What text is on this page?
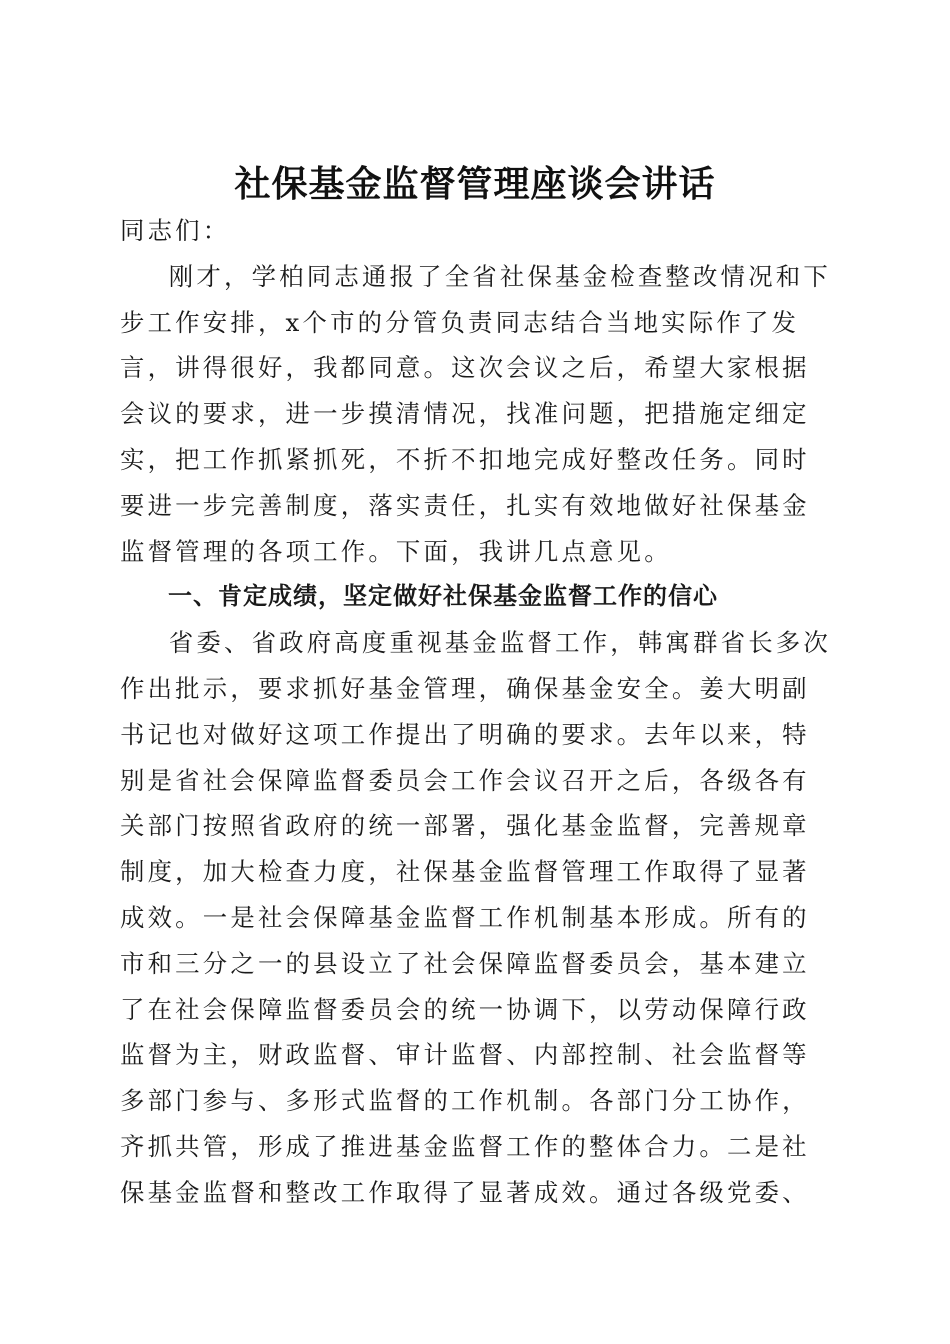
社保基金监督管理座谈会讲话

同志们：

刚才，学柏同志通报了全省社保基金检查整改情况和下步工作安排，x个市的分管负责同志结合当地实际作了发言，讲得很好，我都同意。这次会议之后，希望大家根据会议的要求，进一步摸清情况，找准问题，把措施定细定实，把工作抓紧抓死，不折不扣地完成好整改任务。同时要进一步完善制度，落实责任，扎实有效地做好社保基金监督管理的各项工作。下面，我讲几点意见。

一、肯定成绩，坚定做好社保基金监督工作的信心

省委、省政府高度重视基金监督工作，韩寓群省长多次作出批示，要求抓好基金管理，确保基金安全。姜大明副书记也对做好这项工作提出了明确的要求。去年以来，特别是省社会保障监督委员会工作会议召开之后，各级各有关部门按照省政府的统一部署，强化基金监督，完善规章制度，加大检查力度，社保基金监督管理工作取得了显著成效。一是社会保障基金监督工作机制基本形成。所有的市和三分之一的县设立了社会保障监督委员会，基本建立了在社会保障监督委员会的统一协调下，以劳动保障行政监督为主，财政监督、审计监督、内部控制、社会监督等多部门参与、多形式监督的工作机制。各部门分工协作，齐抓共管，形成了推进基金监督工作的整体合力。二是社保基金监督和整改工作取得了显著成效。通过各级党委、
